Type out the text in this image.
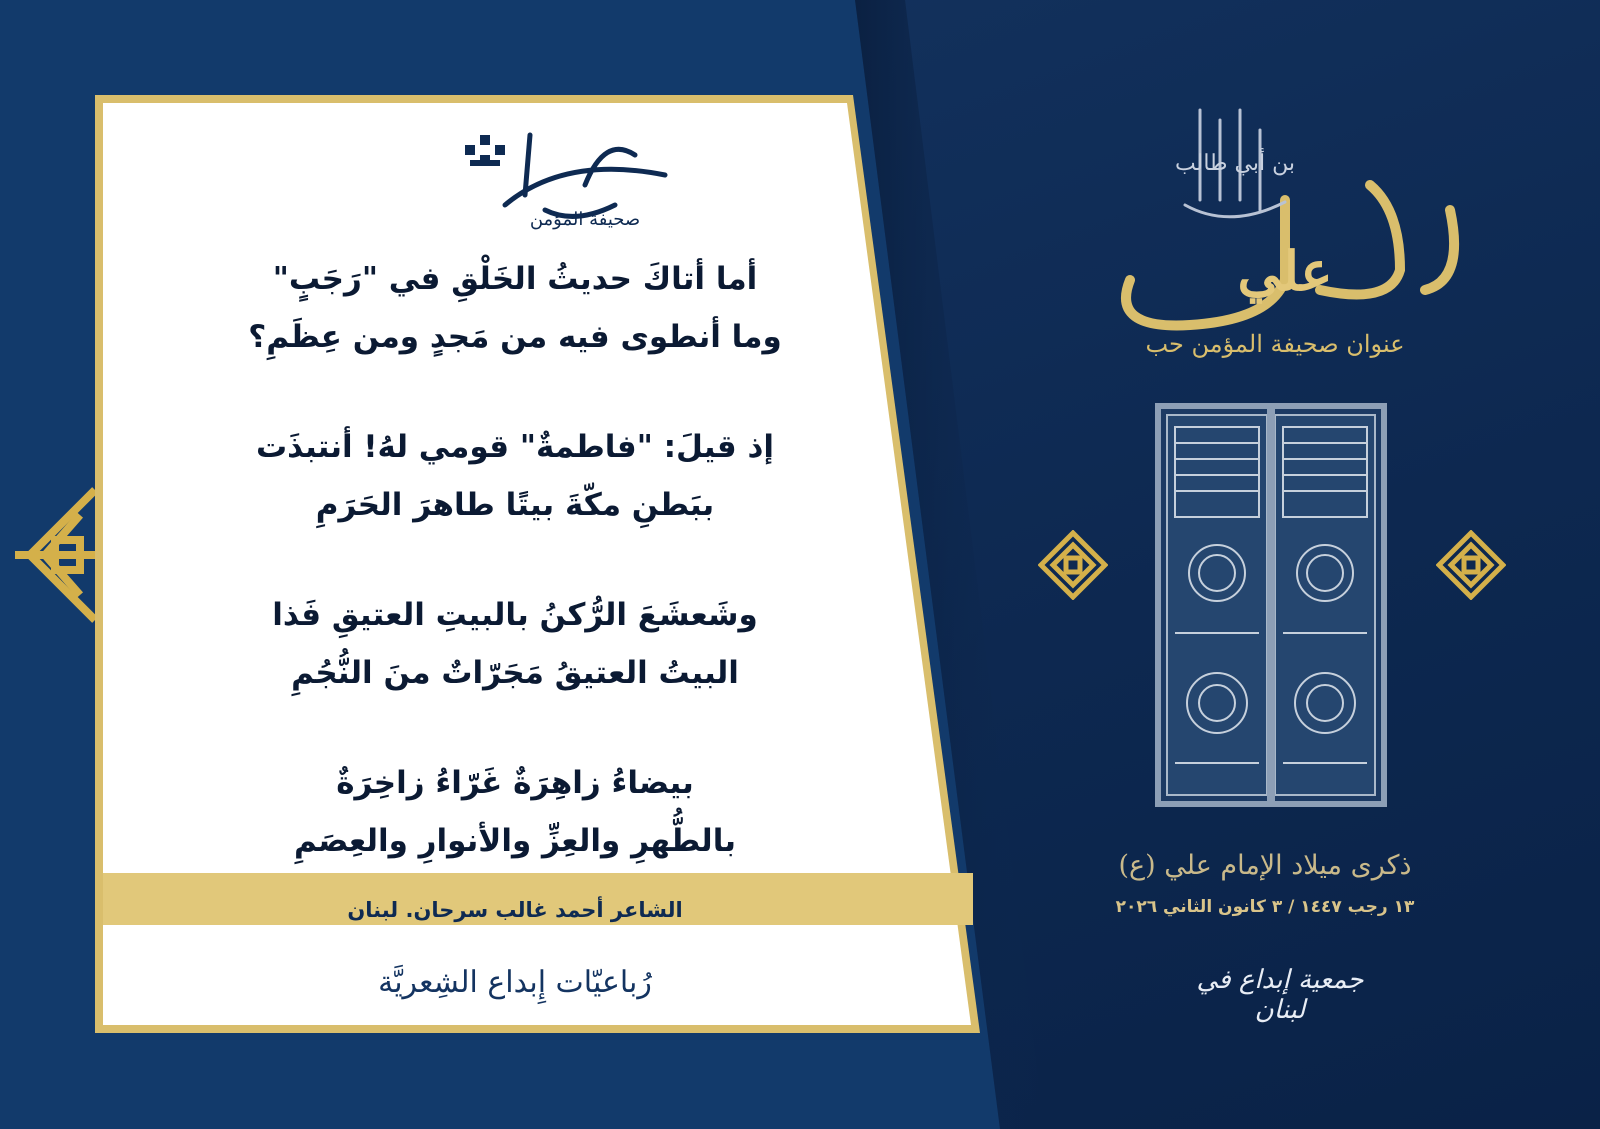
صحيفة المؤمن
أما أتاكَ حديثُ الخَلْقِ في "رَجَبٍ"
وما أنطوى فيه من مَجدٍ ومن عِظَمِ؟
إذ قيلَ: "فاطمةٌ" قومي لهُ! أنتبذَت
ببَطنِ مكّةَ بيتًا طاهرَ الحَرَمِ
وشَعشَعَ الرُّكنُ بالبيتِ العتيقِ فَذا
البيتُ العتيقُ مَجَرّاتٌ منَ النُّجُمِ
بيضاءُ زاهِرَةٌ غَرّاءُ زاخِرَةٌ
بالطُّهرِ والعِزِّ والأنوارِ والعِصَمِ
الشاعر أحمد غالب سرحان. لبنان
رُباعيّات إِبداع الشِعريَّة
بن أبي طالب
علي
عنوان صحيفة المؤمن حب
ذكرى ميلاد الإمام علي (ع)
١٣ رجب ١٤٤٧ / ٣ كانون الثاني ٢٠٢٦
جمعية إبداع في لبنان
